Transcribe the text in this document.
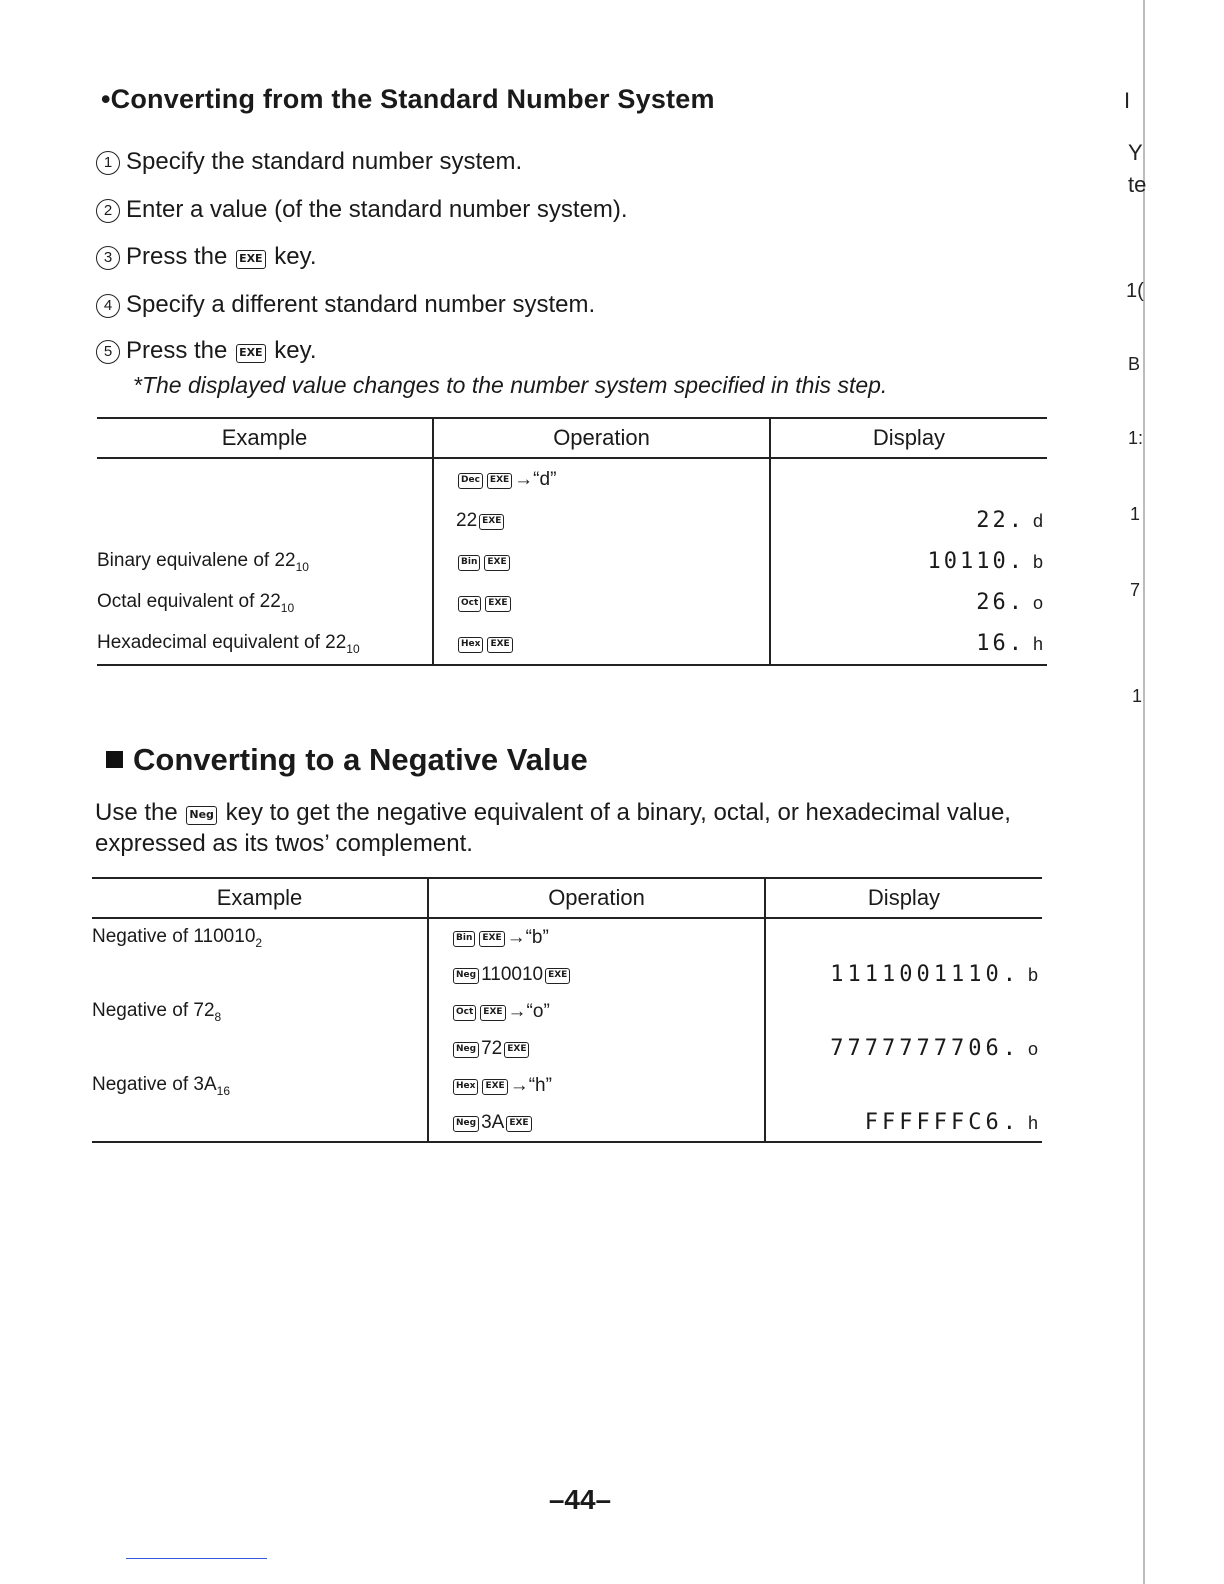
I
Y
te
1(
B
1:
1
7
1
•Converting from the Standard Number System
1 Specify the standard number system.
2 Enter a value (of the standard number system).
3 Press the EXE key.
4 Specify a different standard number system.
5 Press the EXE key.
*The displayed value changes to the number system specified in this step.
Example	Operation	Display
	Dec EXE →“d”	
	22 EXE	22. d
Binary equivalene of $22_{10}$	Bin EXE	10110. b
Octal equivalent of $22_{10}$	Oct EXE	26. o
Hexadecimal equivalent of $22_{10}$	Hex EXE	16. h
Converting to a Negative Value
Use the Neg key to get the negative equivalent of a binary, octal, or hexadecimal value, expressed as its twos’ complement.
Example	Operation	Display
Negative of $110010_2$	Bin EXE →“b”	
	Neg 110010 EXE	1111001110. b
Negative of $72_8$	Oct EXE →“o”	
	Neg 72 EXE	7777777706. o
Negative of $3A_{16}$	Hex EXE →“h”	
	Neg 3A EXE	FFFFFFC6. h
–44–
